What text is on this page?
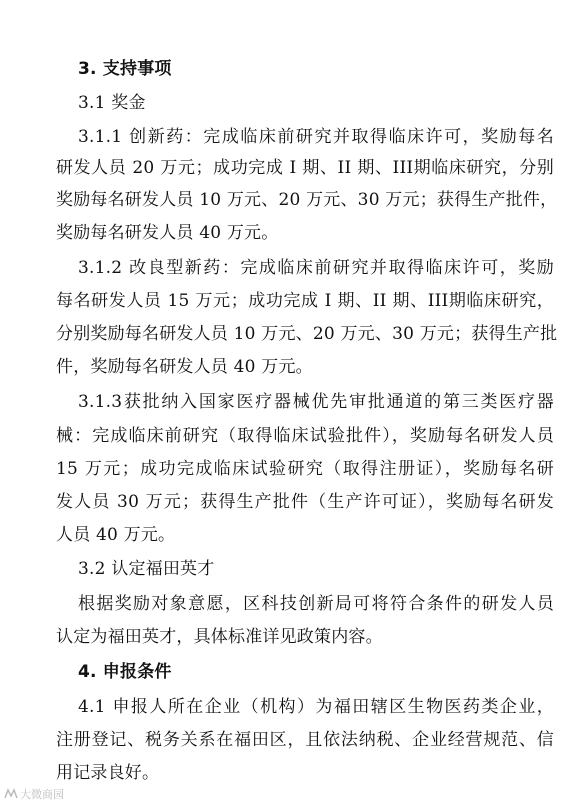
3. 支持事项
3.1 奖金
3.1.1 创新药：完成临床前研究并取得临床许可，奖励每名
研发人员 20 万元；成功完成 I 期、II 期、III期临床研究，分别
奖励每名研发人员 10 万元、20 万元、30 万元；获得生产批件，
奖励每名研发人员 40 万元。
3.1.2 改良型新药：完成临床前研究并取得临床许可，奖励
每名研发人员 15 万元；成功完成 I 期、II 期、III期临床研究，
分别奖励每名研发人员 10 万元、20 万元、30 万元；获得生产批
件，奖励每名研发人员 40 万元。
3.1.3获批纳入国家医疗器械优先审批通道的第三类医疗器
械：完成临床前研究（取得临床试验批件），奖励每名研发人员
15 万元；成功完成临床试验研究（取得注册证），奖励每名研
发人员 30 万元；获得生产批件（生产许可证），奖励每名研发
人员 40 万元。
3.2 认定福田英才
根据奖励对象意愿，区科技创新局可将符合条件的研发人员
认定为福田英才，具体标准详见政策内容。
4. 申报条件
4.1 申报人所在企业（机构）为福田辖区生物医药类企业，
注册登记、税务关系在福田区，且依法纳税、企业经营规范、信
用记录良好。
大微商园
